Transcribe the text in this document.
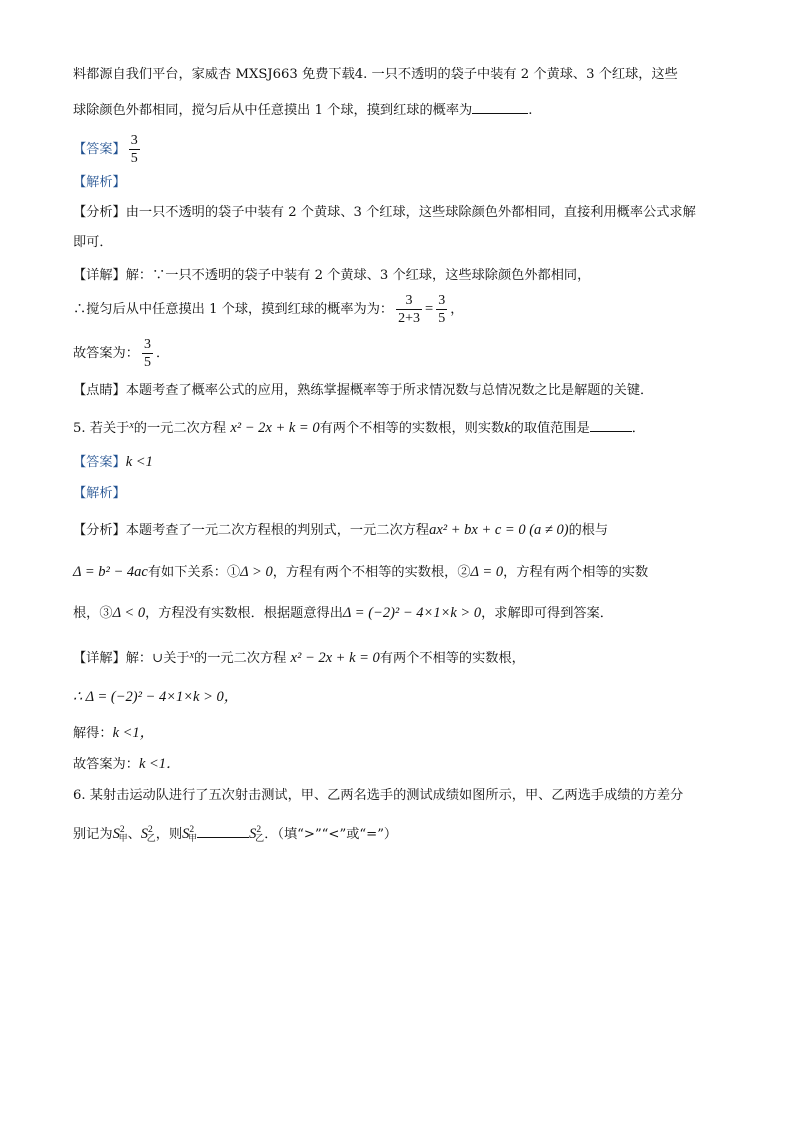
料都源自我们平台，家威杏 MXSJ663 免费下载4. 一只不透明的袋子中装有 2 个黄球、3 个红球，这些
球除颜色外都相同，搅匀后从中任意摸出 1 个球，摸到红球的概率为	.
【答案】 $\frac{3}{5}$
【解析】
【分析】由一只不透明的袋子中装有 2 个黄球、3 个红球，这些球除颜色外都相同，直接利用概率公式求解
即可．
【详解】解：∵一只不透明的袋子中装有 2 个黄球、3 个红球，这些球除颜色外都相同，
∴搅匀后从中任意摸出 1 个球，摸到红球的概率为为： $\frac{3}{2+3} = \frac{3}{5}$ ，
故答案为： $\frac{3}{5}$ ．
【点睛】本题考查了概率公式的应用，熟练掌握概率等于所求情况数与总情况数之比是解题的关键．
5. 若关于$^x$的一元二次方程 x² − 2x + k = 0有两个不相等的实数根，则实数k的取值范围是	．
【答案】k <1
【解析】
【分析】本题考查了一元二次方程根的判别式，一元二次方程ax² + bx + c = 0 (a ≠ 0)的根与
Δ = b² − 4ac有如下关系：①Δ > 0，方程有两个不相等的实数根，②Δ = 0，方程有两个相等的实数
根，③Δ < 0，方程没有实数根．根据题意得出Δ = (−2)² − 4×1×k > 0，求解即可得到答案．
【详解】解：∪关于$^x$的一元二次方程 x² − 2x + k = 0有两个不相等的实数根，
∴ Δ = (−2)² − 4×1×k > 0，
解得：k <1，
故答案为：k <1．
6. 某射击运动队进行了五次射击测试，甲、乙两名选手的测试成绩如图所示，甲、乙两选手成绩的方差分
别记为$S^2_甲$、$S^2_乙$，则$S^2_甲$	$S^2_乙$．（填“>”“<”或“=”）
